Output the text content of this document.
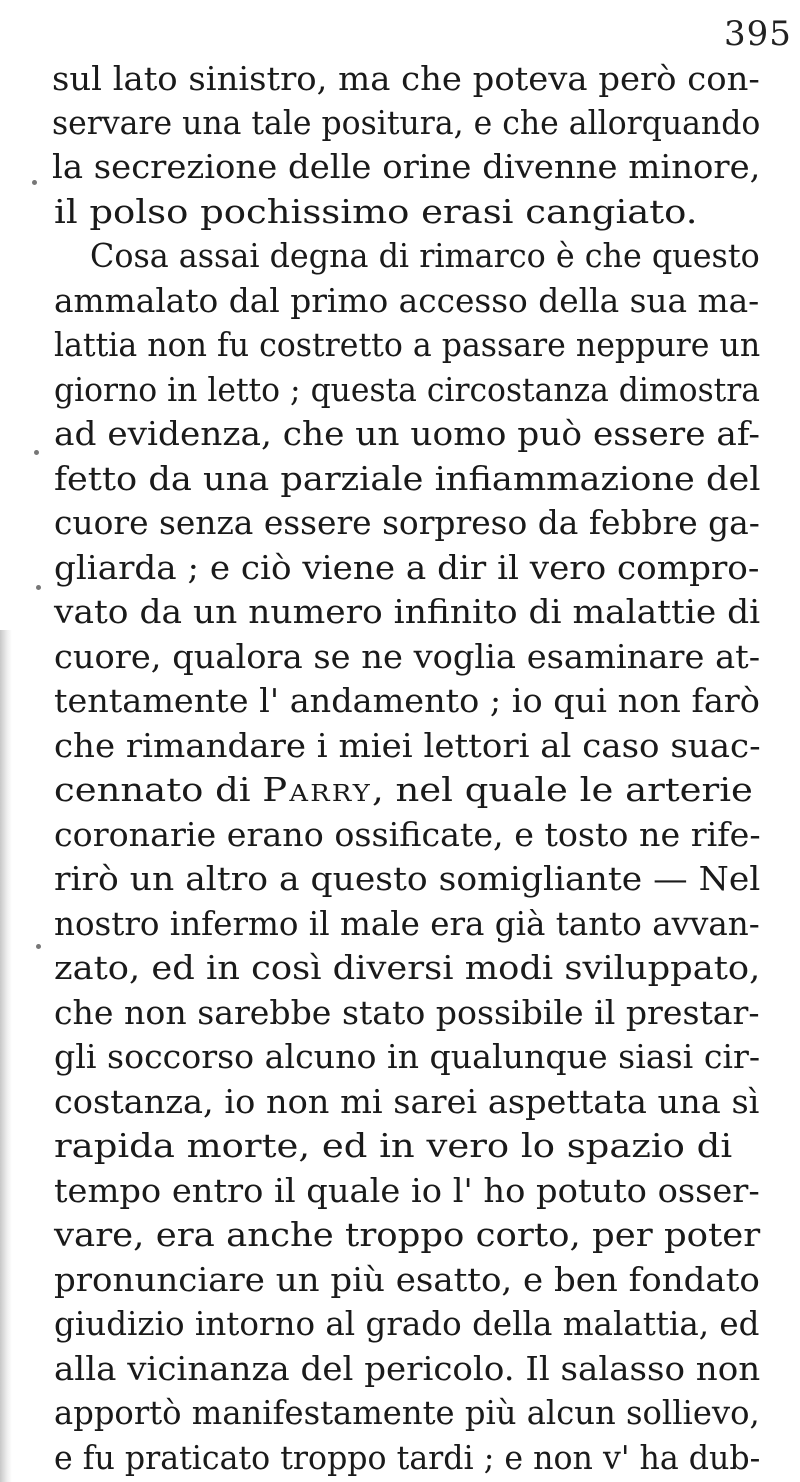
395
sul lato sinistro, ma che poteva però con-
servare una tale positura, e che allorquando
la secrezione delle orine divenne minore,
il polso pochissimo erasi cangiato.
Cosa assai degna di rimarco è che questo
ammalato dal primo accesso della sua ma-
lattia non fu costretto a passare neppure un
giorno in letto ; questa circostanza dimostra
ad evidenza, che un uomo può essere af-
fetto da una parziale infiammazione del
cuore senza essere sorpreso da febbre ga-
gliarda ; e ciò viene a dir il vero compro-
vato da un numero infinito di malattie di
cuore, qualora se ne voglia esaminare at-
tentamente l' andamento ; io qui non farò
che rimandare i miei lettori al caso suac-
cennato di Parry, nel quale le arterie
coronarie erano ossificate, e tosto ne rife-
rirò un altro a questo somigliante — Nel
nostro infermo il male era già tanto avvan-
zato, ed in così diversi modi sviluppato,
che non sarebbe stato possibile il prestar-
gli soccorso alcuno in qualunque siasi cir-
costanza, io non mi sarei aspettata una sì
rapida morte, ed in vero lo spazio di
tempo entro il quale io l' ho potuto osser-
vare, era anche troppo corto, per poter
pronunciare un più esatto, e ben fondato
giudizio intorno al grado della malattia, ed
alla vicinanza del pericolo. Il salasso non
apportò manifestamente più alcun sollievo,
e fu praticato troppo tardi ; e non v' ha dub-
